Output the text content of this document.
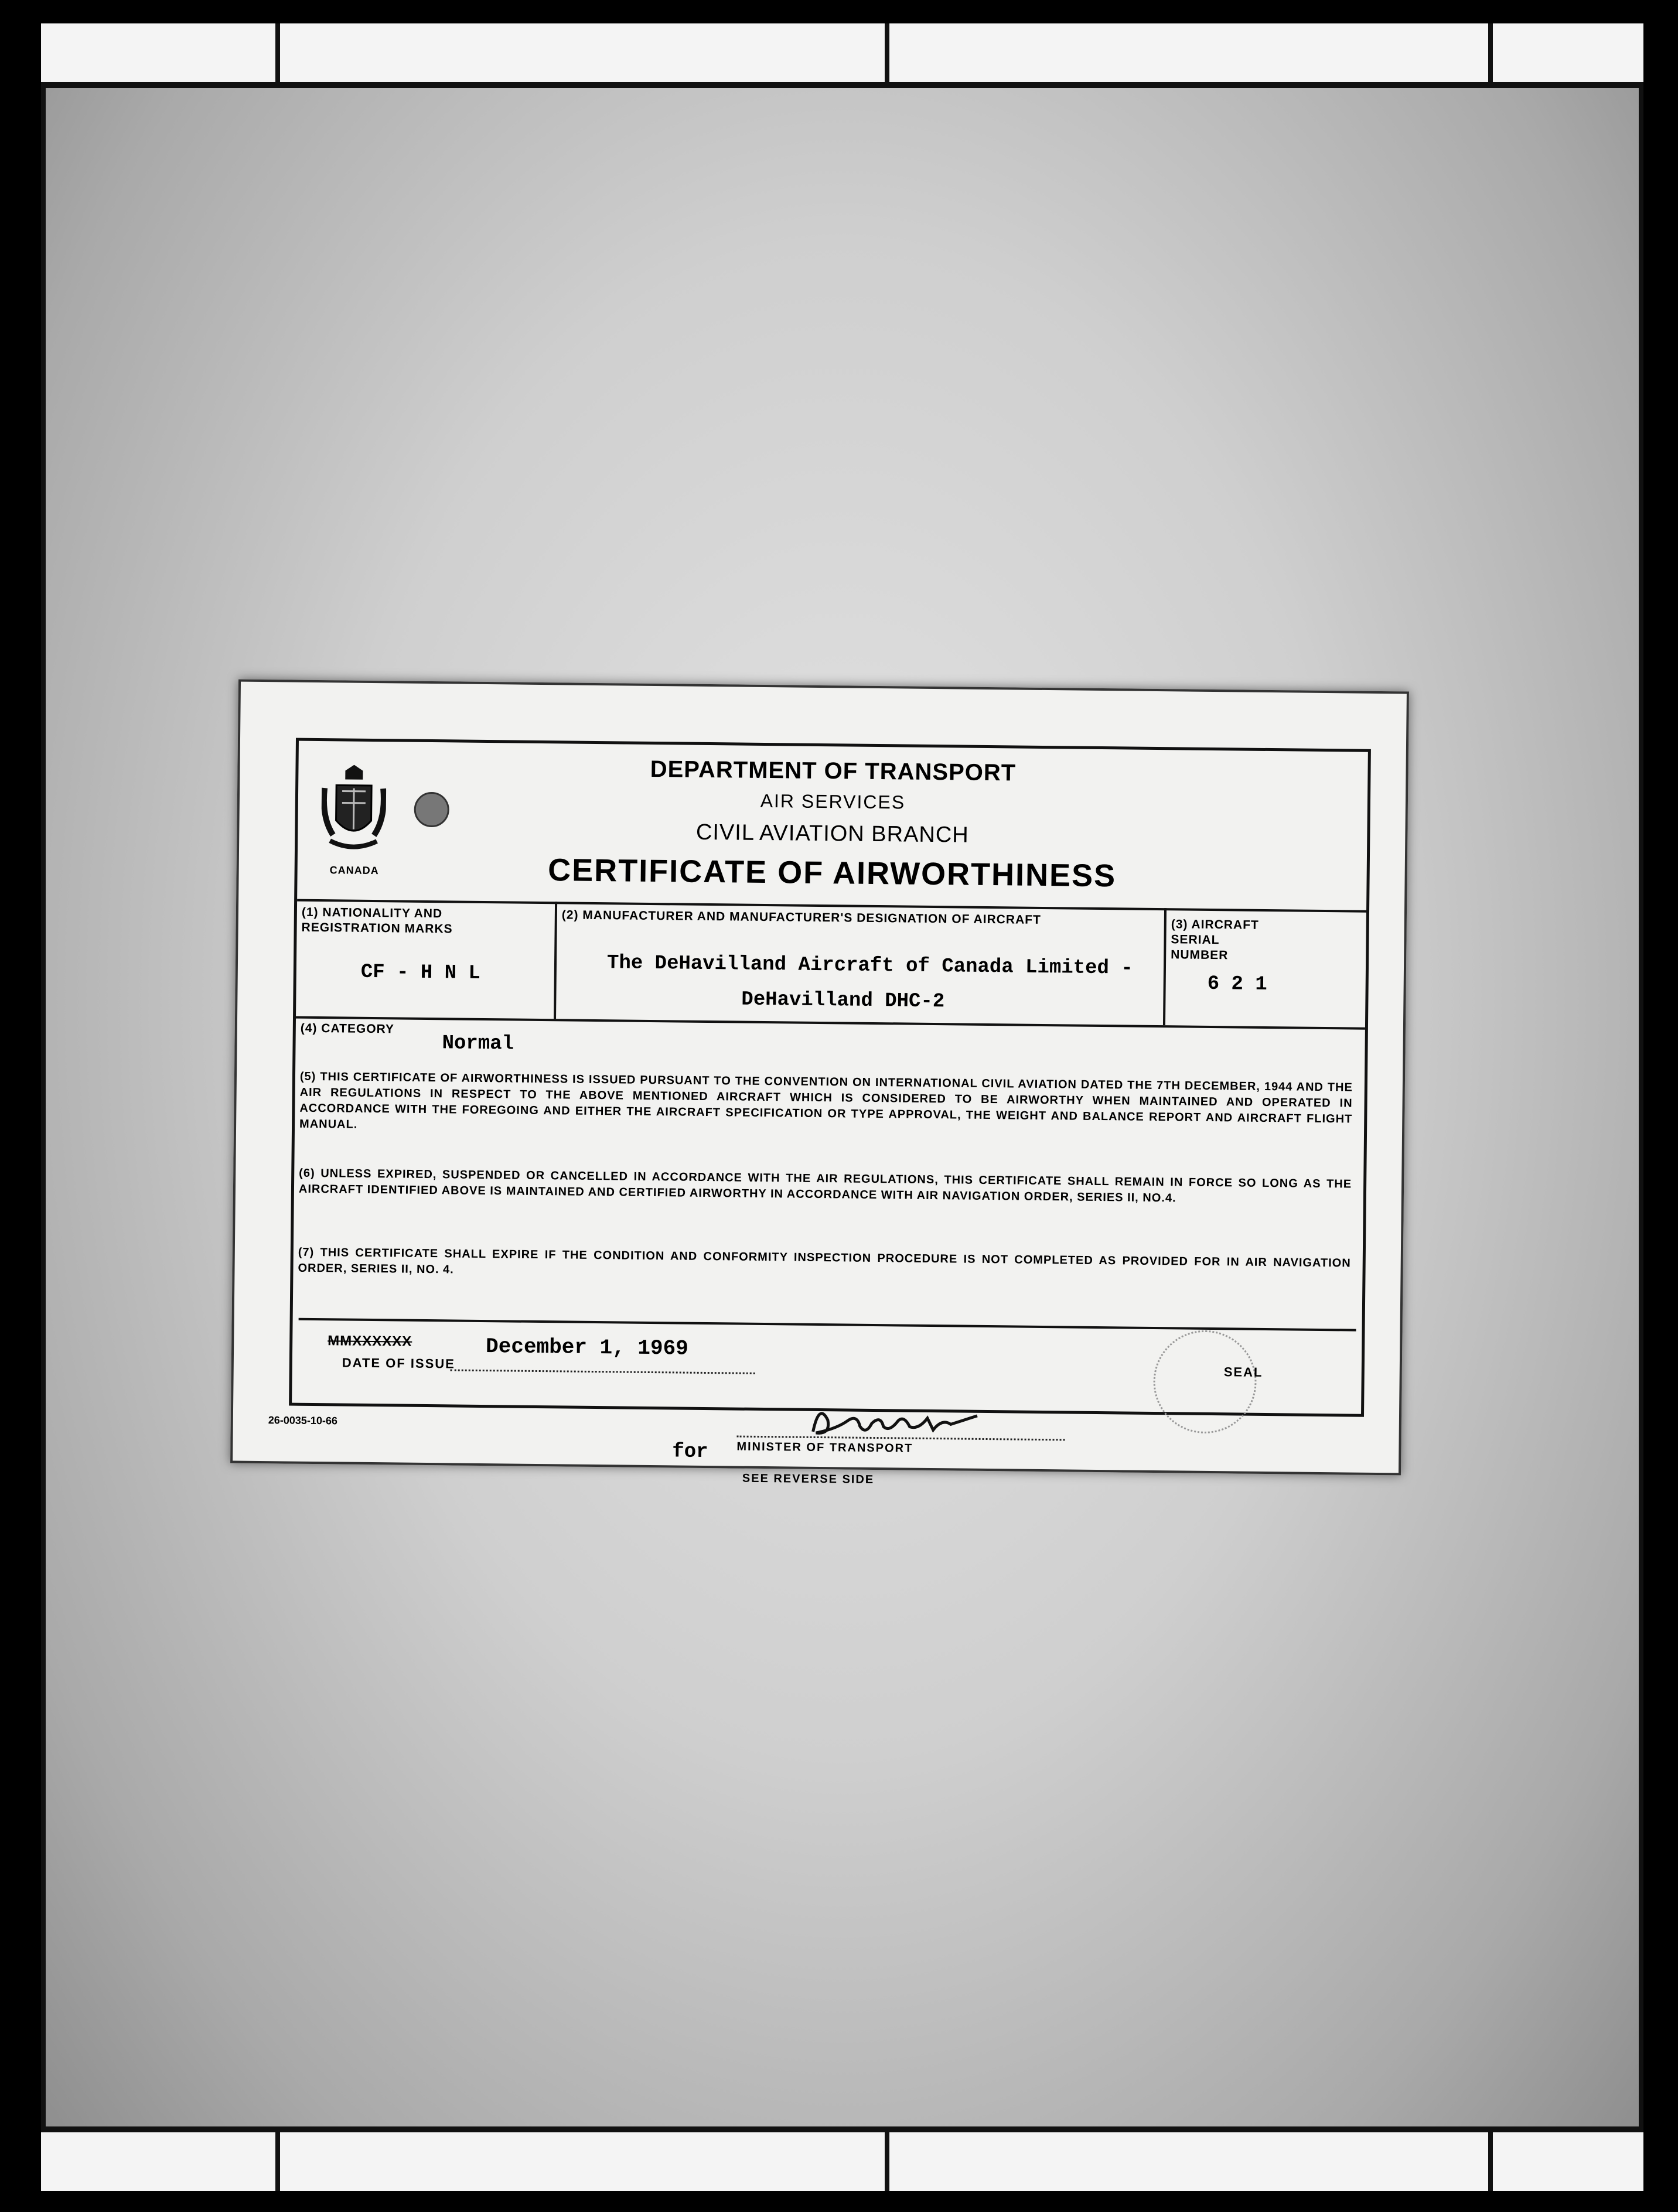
CANADA
DEPARTMENT OF TRANSPORT
AIR SERVICES
CIVIL AVIATION BRANCH
CERTIFICATE OF AIRWORTHINESS
(1) NATIONALITY AND REGISTRATION MARKS
CF - H N L
(2) MANUFACTURER AND MANUFACTURER'S DESIGNATION OF AIRCRAFT
The DeHavilland Aircraft of Canada Limited -
DeHavilland DHC-2
(3) AIRCRAFT SERIAL NUMBER
6 2 1
(4) CATEGORY
Normal
(5) THIS CERTIFICATE OF AIRWORTHINESS IS ISSUED PURSUANT TO THE CONVENTION ON INTERNATIONAL CIVIL AVIATION DATED THE 7TH DECEMBER, 1944 AND THE AIR REGULATIONS IN RESPECT TO THE ABOVE MENTIONED AIRCRAFT WHICH IS CONSIDERED TO BE AIRWORTHY WHEN MAINTAINED AND OPERATED IN ACCORDANCE WITH THE FOREGOING AND EITHER THE AIRCRAFT SPECIFICATION OR TYPE APPROVAL, THE WEIGHT AND BALANCE REPORT AND AIRCRAFT FLIGHT MANUAL.
(6) UNLESS EXPIRED, SUSPENDED OR CANCELLED IN ACCORDANCE WITH THE AIR REGULATIONS, THIS CERTIFICATE SHALL REMAIN IN FORCE SO LONG AS THE AIRCRAFT IDENTIFIED ABOVE IS MAINTAINED AND CERTIFIED AIRWORTHY IN ACCORDANCE WITH AIR NAVIGATION ORDER, SERIES II, NO.4.
(7) THIS CERTIFICATE SHALL EXPIRE IF THE CONDITION AND CONFORMITY INSPECTION PROCEDURE IS NOT COMPLETED AS PROVIDED FOR IN AIR NAVIGATION ORDER, SERIES II, NO. 4.
MMXXXXXX
DATE OF ISSUE
December 1, 1969
SEAL
for MINISTER OF TRANSPORT
SEE REVERSE SIDE
26-0035-10-66
